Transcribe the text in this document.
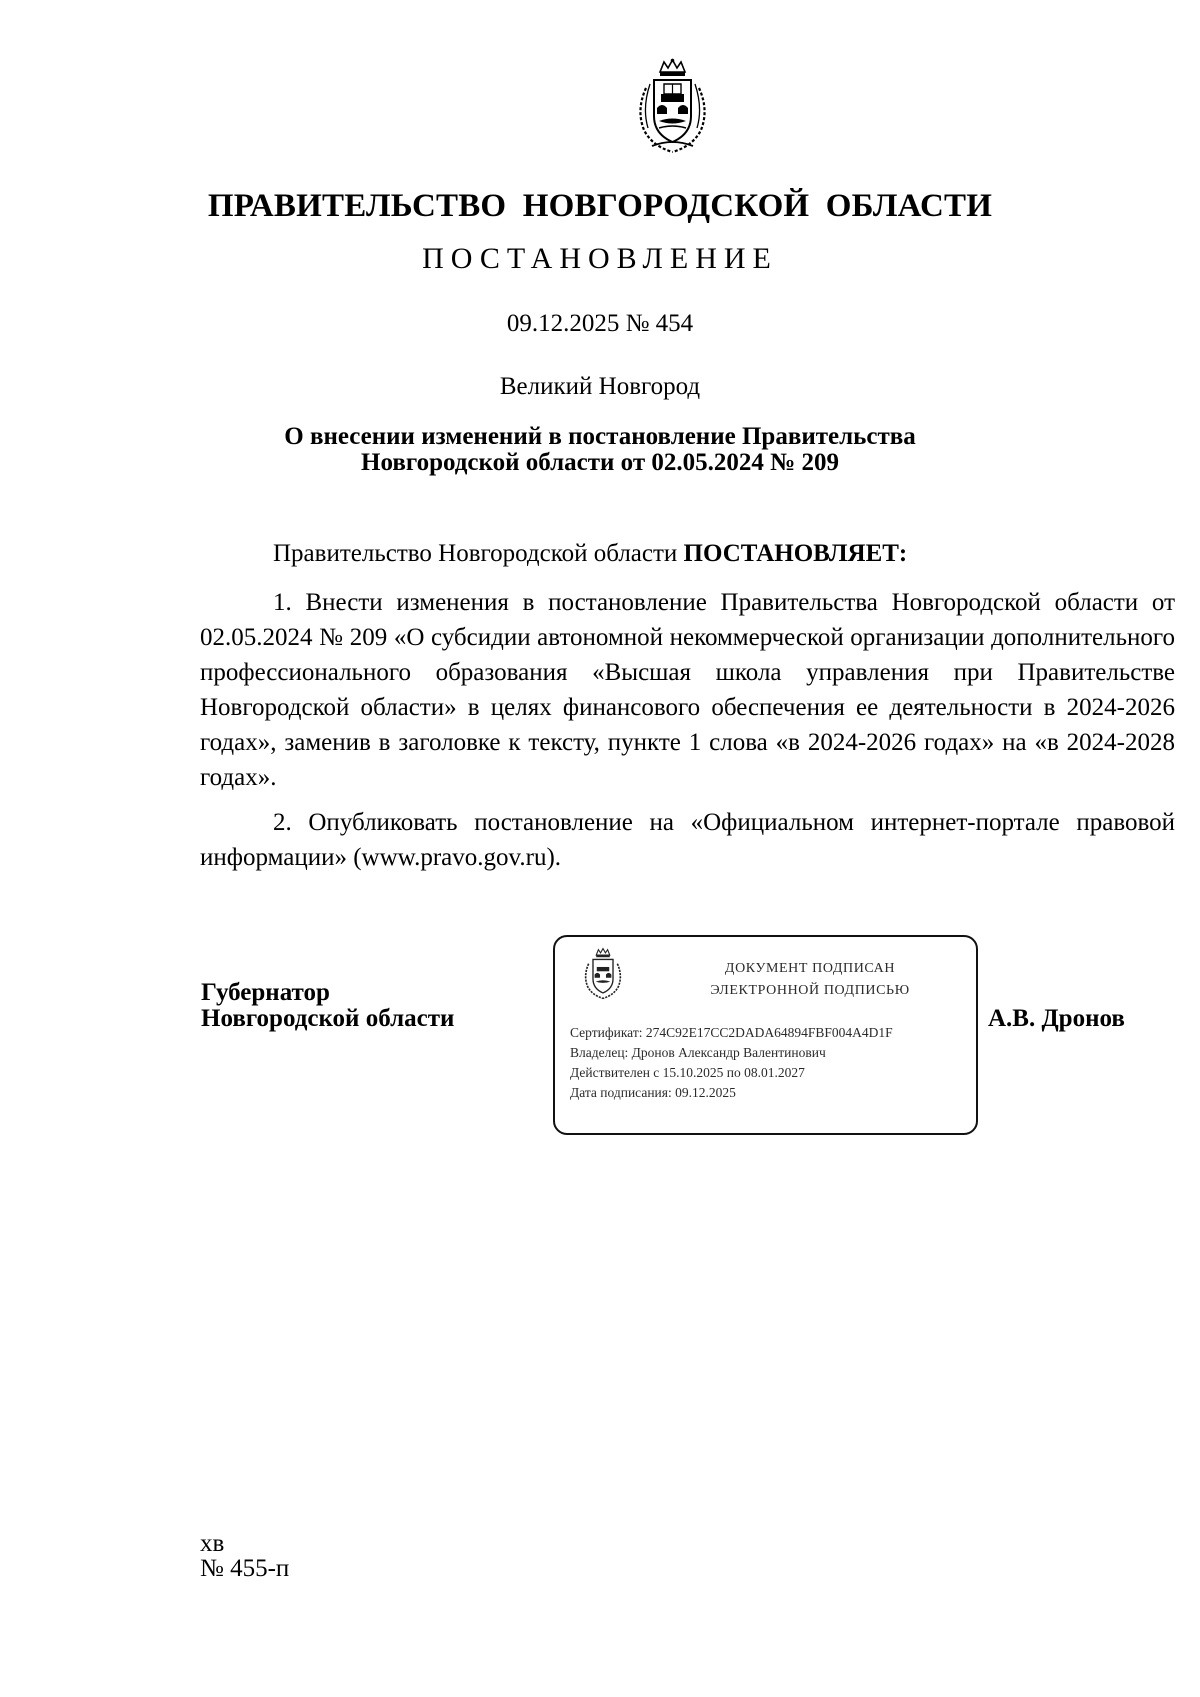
ПРАВИТЕЛЬСТВО НОВГОРОДСКОЙ ОБЛАСТИ
ПОСТАНОВЛЕНИЕ
09.12.2025 № 454
Великий Новгород
О внесении изменений в постановление Правительства
Новгородской области от 02.05.2024 № 209
Правительство Новгородской области ПОСТАНОВЛЯЕТ:

1. Внести изменения в постановление Правительства Новгородской области от 02.05.2024 № 209 «О субсидии автономной некоммерческой организации дополнительного профессионального образования «Высшая школа управления при Правительстве Новгородской области» в целях финансового обеспечения ее деятельности в 2024-2026 годах», заменив в заголовке к тексту, пункте 1 слова «в 2024-2026 годах» на «в 2024-2028 годах».

2. Опубликовать постановление на «Официальном интернет-портале правовой информации» (www.pravo.gov.ru).

Губернатор
Новгородской области
ДОКУМЕНТ ПОДПИСАН
ЭЛЕКТРОННОЙ ПОДПИСЬЮ
Сертификат: 274C92E17CC2DADA64894FBF004A4D1F
Владелец: Дронов Александр Валентинович
Действителен с 15.10.2025 по 08.01.2027
Дата подписания: 09.12.2025
А.В. Дронов
хв
№ 455-п
